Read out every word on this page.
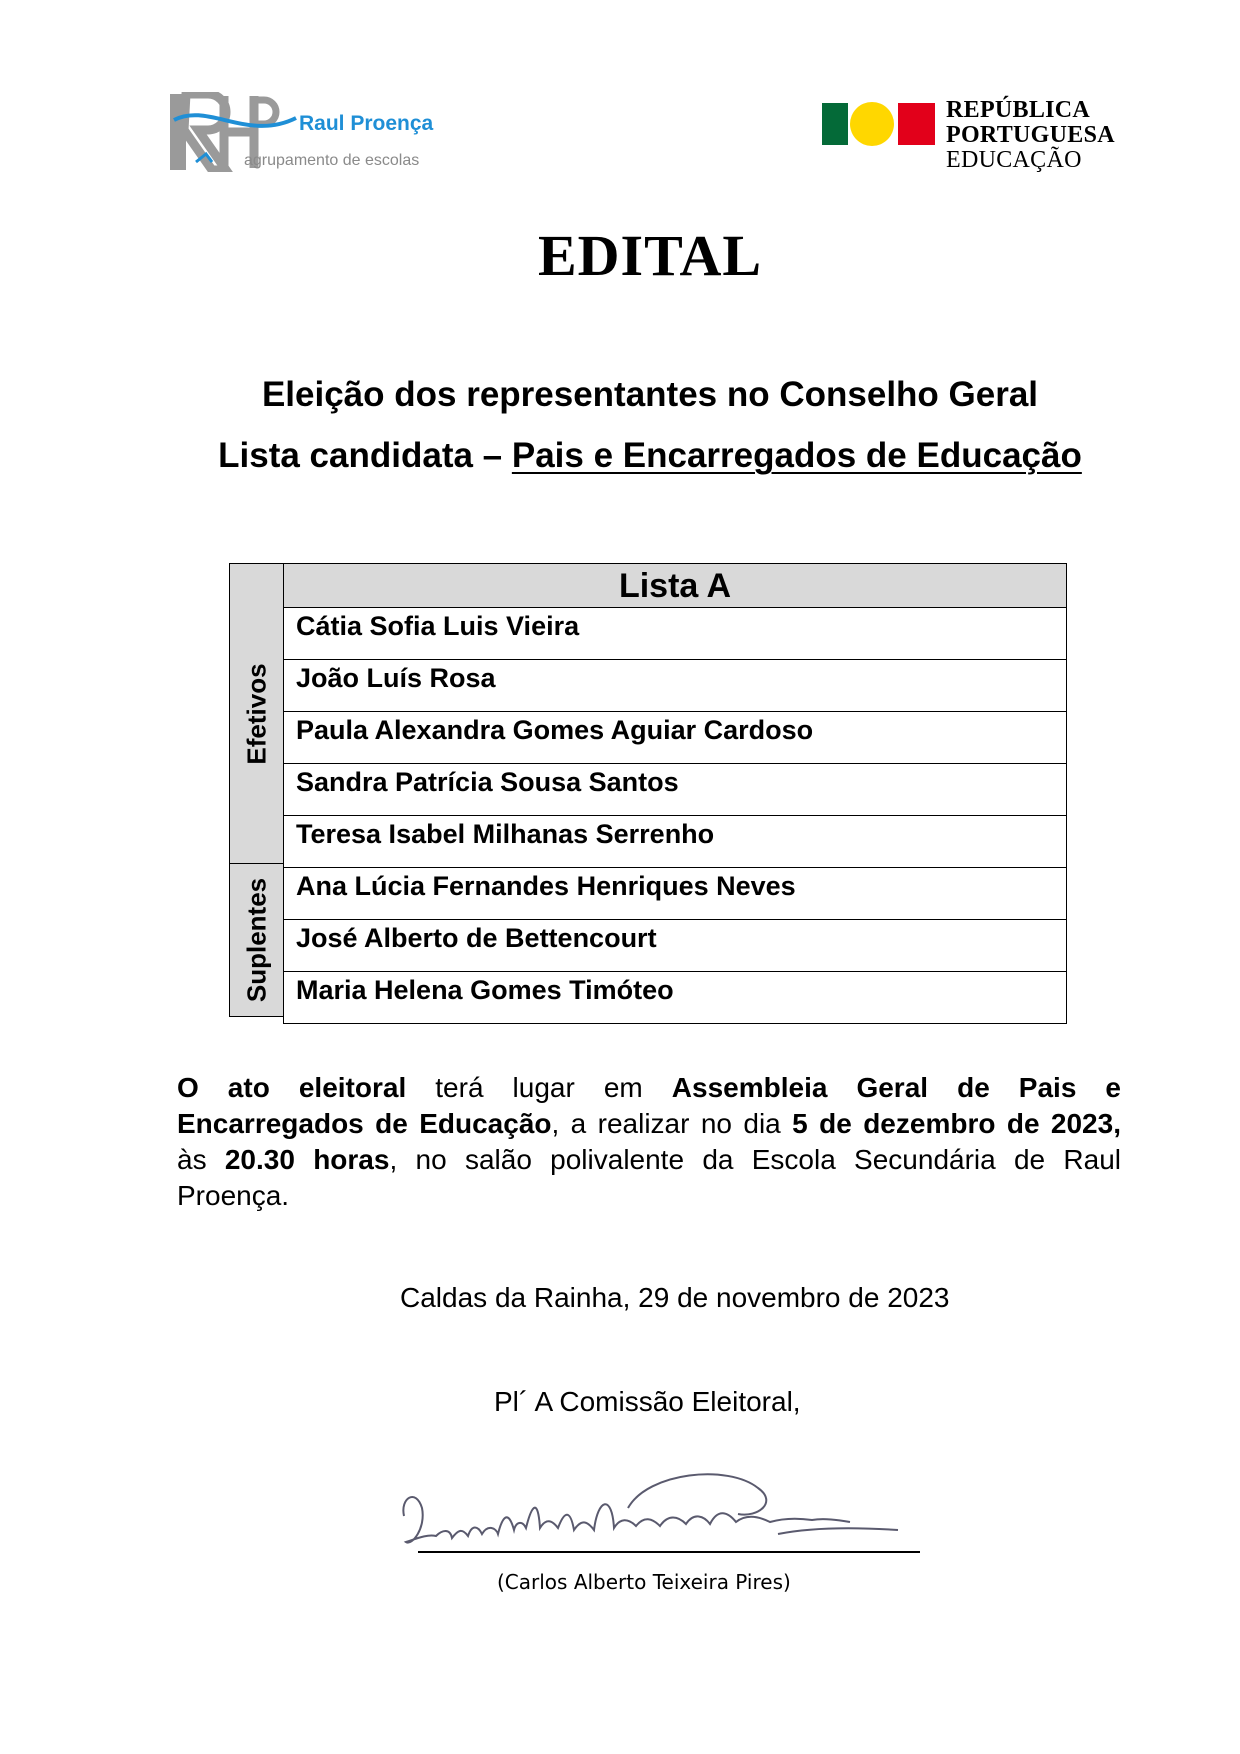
Raul Proença
agrupamento de escolas
REPÚBLICA
PORTUGUESA
EDUCAÇÃO
EDITAL
Eleição dos representantes no Conselho Geral
Lista candidata – Pais e Encarregados de Educação
Efetivos
Suplentes
Lista A
Cátia Sofia Luis Vieira
João Luís Rosa
Paula Alexandra Gomes Aguiar Cardoso
Sandra Patrícia Sousa Santos
Teresa Isabel Milhanas Serrenho
Ana Lúcia Fernandes Henriques Neves
José Alberto de Bettencourt
Maria Helena Gomes Timóteo
O ato eleitoral terá lugar em Assembleia Geral de Pais e
Encarregados de Educação, a realizar no dia 5 de dezembro de 2023,
às 20.30 horas, no salão polivalente da Escola Secundária de Raul
Proença.
Caldas da Rainha, 29 de novembro de 2023
Pl´ A Comissão Eleitoral,
(Carlos Alberto Teixeira Pires)
